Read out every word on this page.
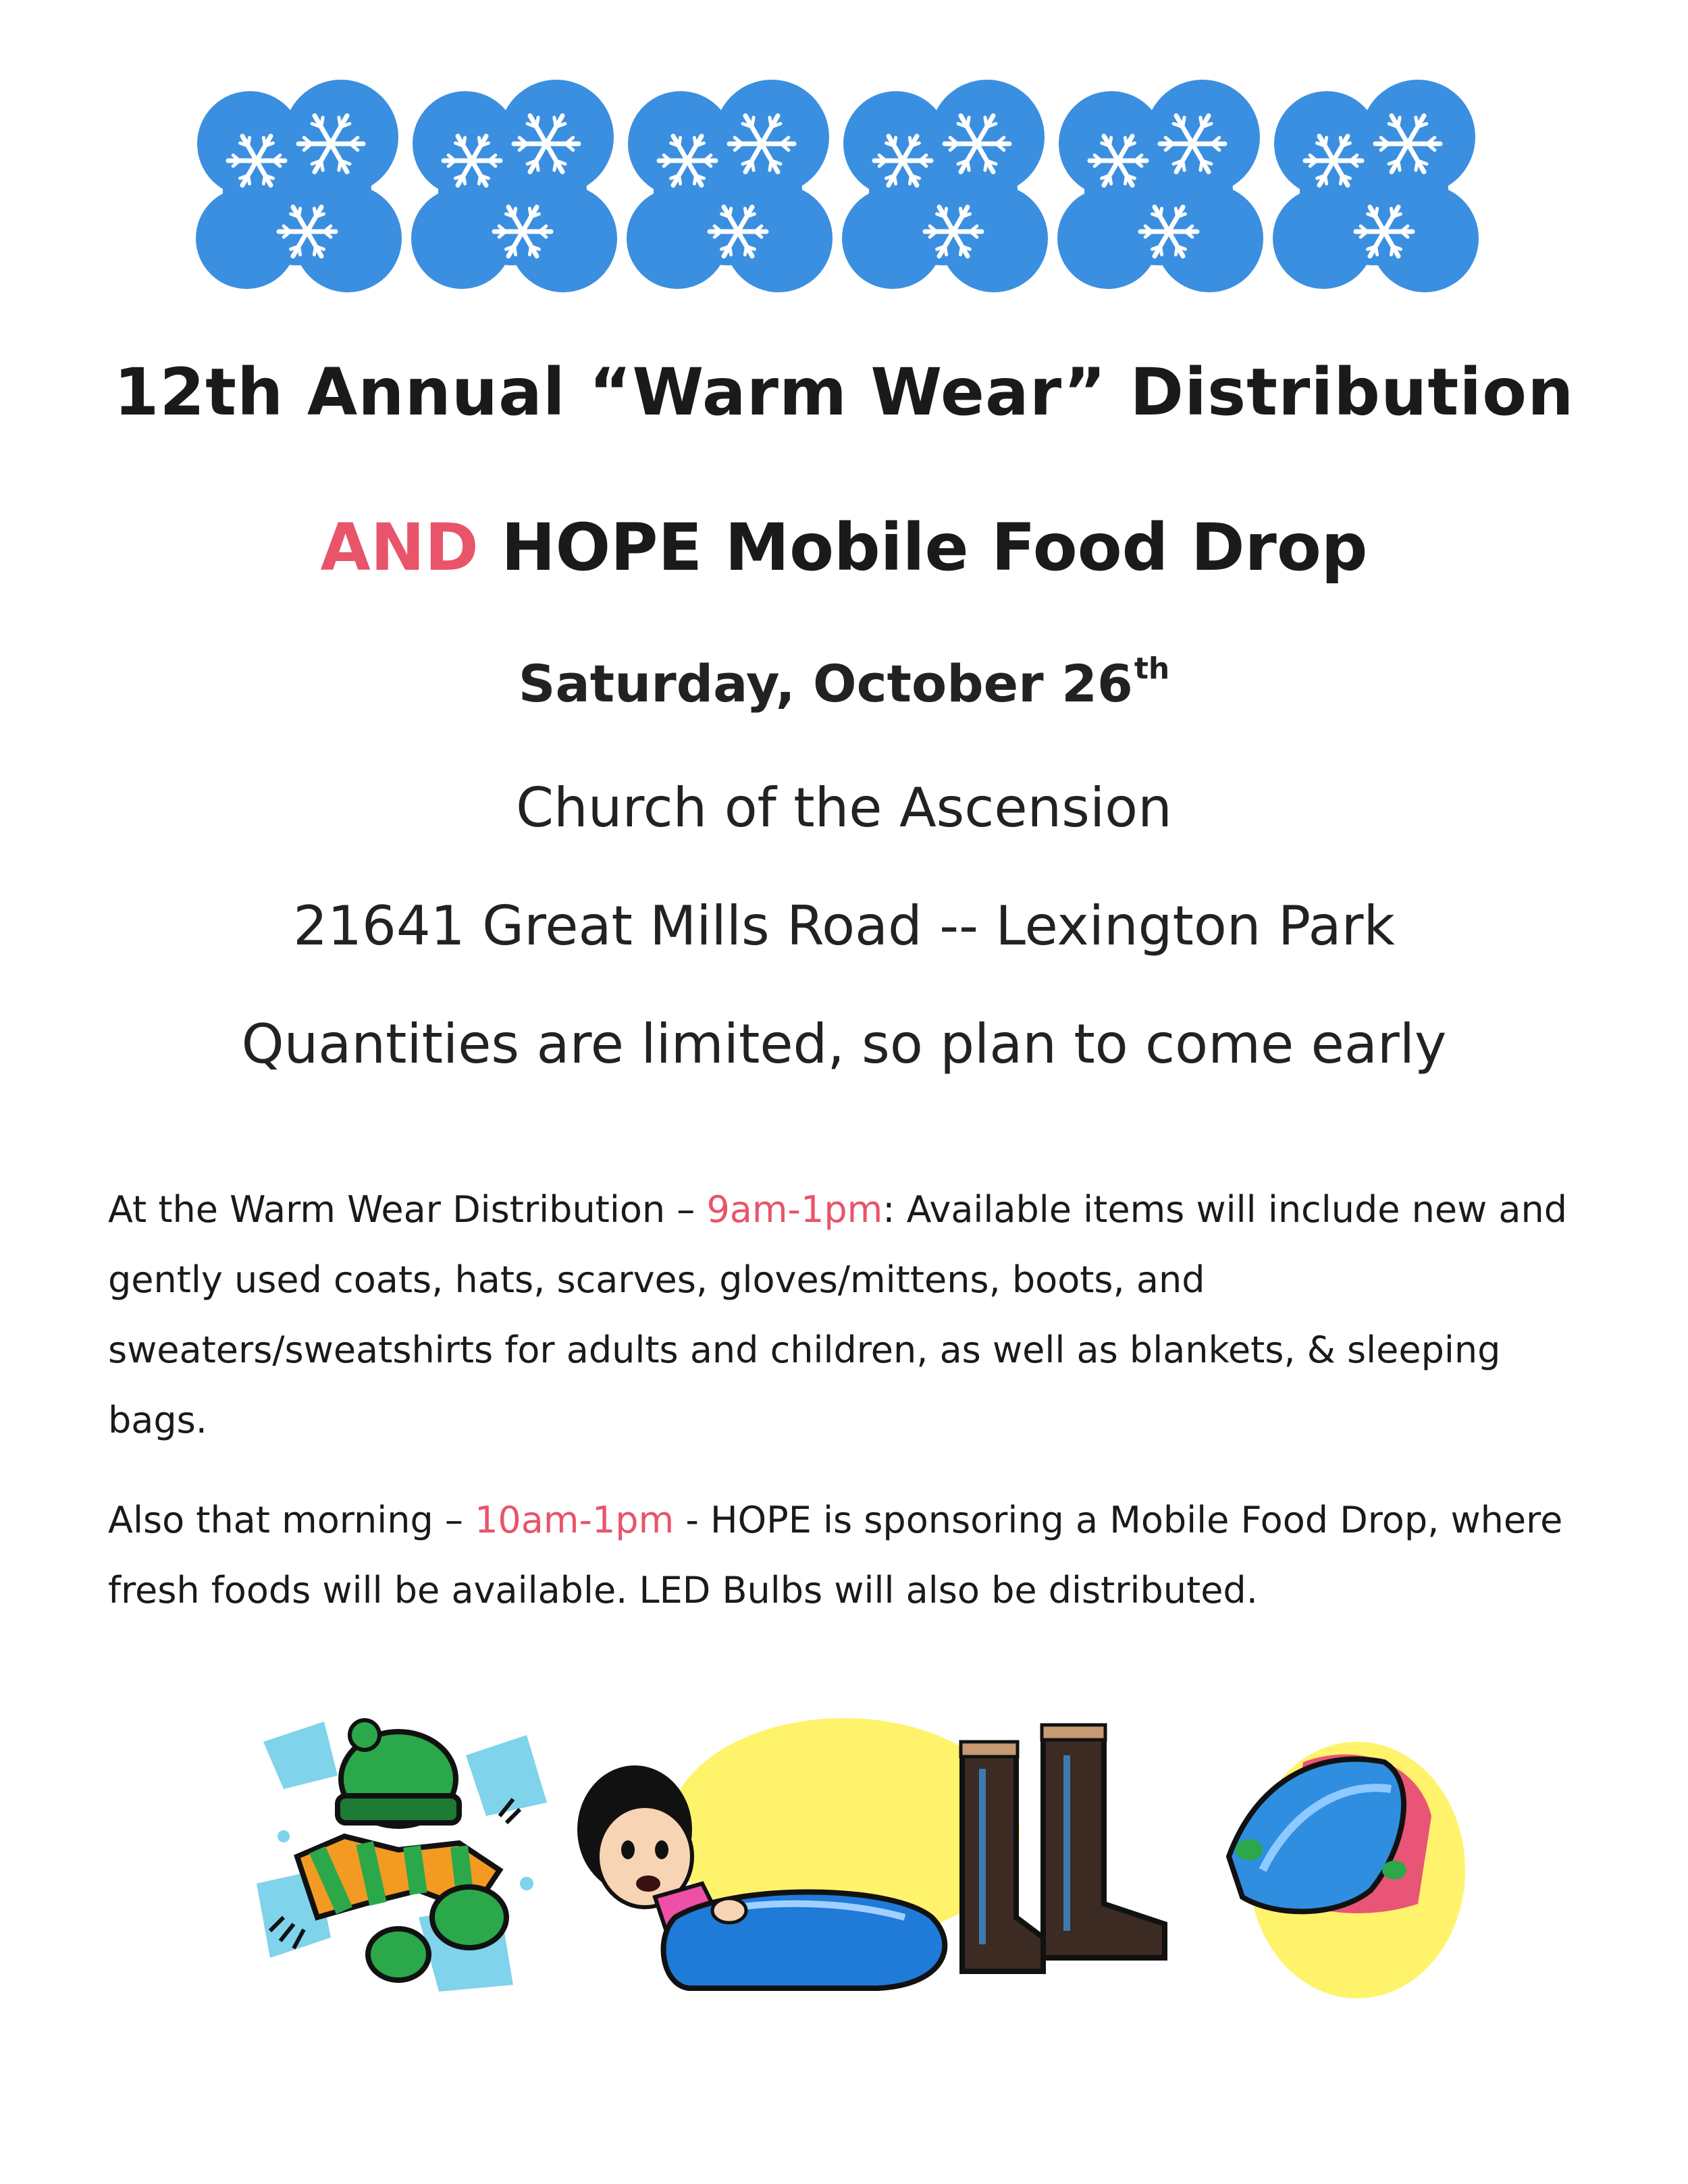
12th Annual “Warm Wear” Distribution
AND HOPE Mobile Food Drop
Saturday, October 26th
Church of the Ascension
21641 Great Mills Road -- Lexington Park
Quantities are limited, so plan to come early
At the Warm Wear Distribution – 9am-1pm: Available items will include new and gently used coats, hats, scarves, gloves/mittens, boots, and sweaters/sweatshirts for adults and children, as well as blankets, & sleeping bags.
Also that morning – 10am-1pm - HOPE is sponsoring a Mobile Food Drop, where fresh foods will be available. LED Bulbs will also be distributed.
